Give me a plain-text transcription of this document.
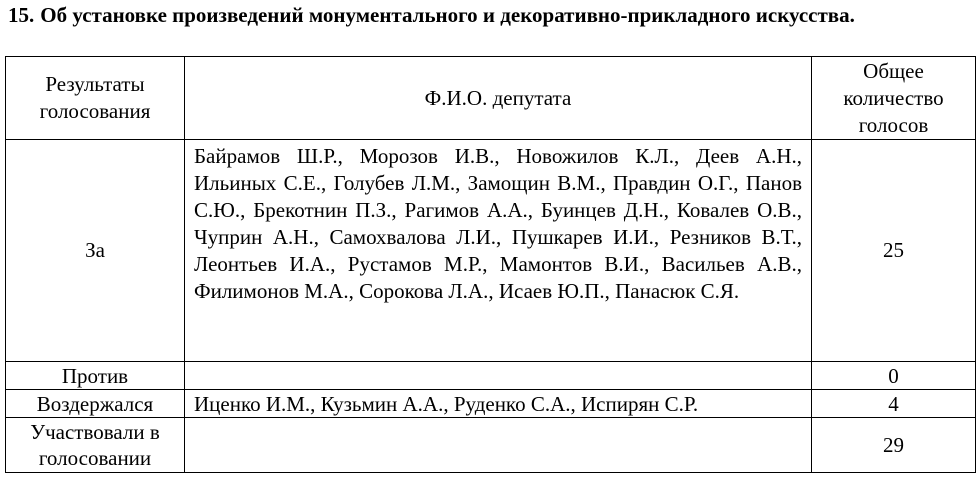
15. Об установке произведений монументального и декоративно-прикладного искусства.
Результаты голосования	Ф.И.О. депутата	Общее количество голосов
За	Байрамов Ш.Р., Морозов И.В., Новожилов К.Л., Деев А.Н., Ильиных С.Е., Голубев Л.М., Замощин В.М., Правдин О.Г., Панов С.Ю., Брекотнин П.З., Рагимов А.А., Буинцев Д.Н., Ковалев О.В., Чуприн А.Н., Самохвалова Л.И., Пушкарев И.И., Резников В.Т., Леонтьев И.А., Рустамов М.Р., Мамонтов В.И., Васильев А.В., Филимонов М.А., Сорокова Л.А., Исаев Ю.П., Панасюк С.Я.	25
Против		0
Воздержался	Иценко И.М., Кузьмин А.А., Руденко С.А., Испирян С.Р.	4
Участвовали в голосовании		29
